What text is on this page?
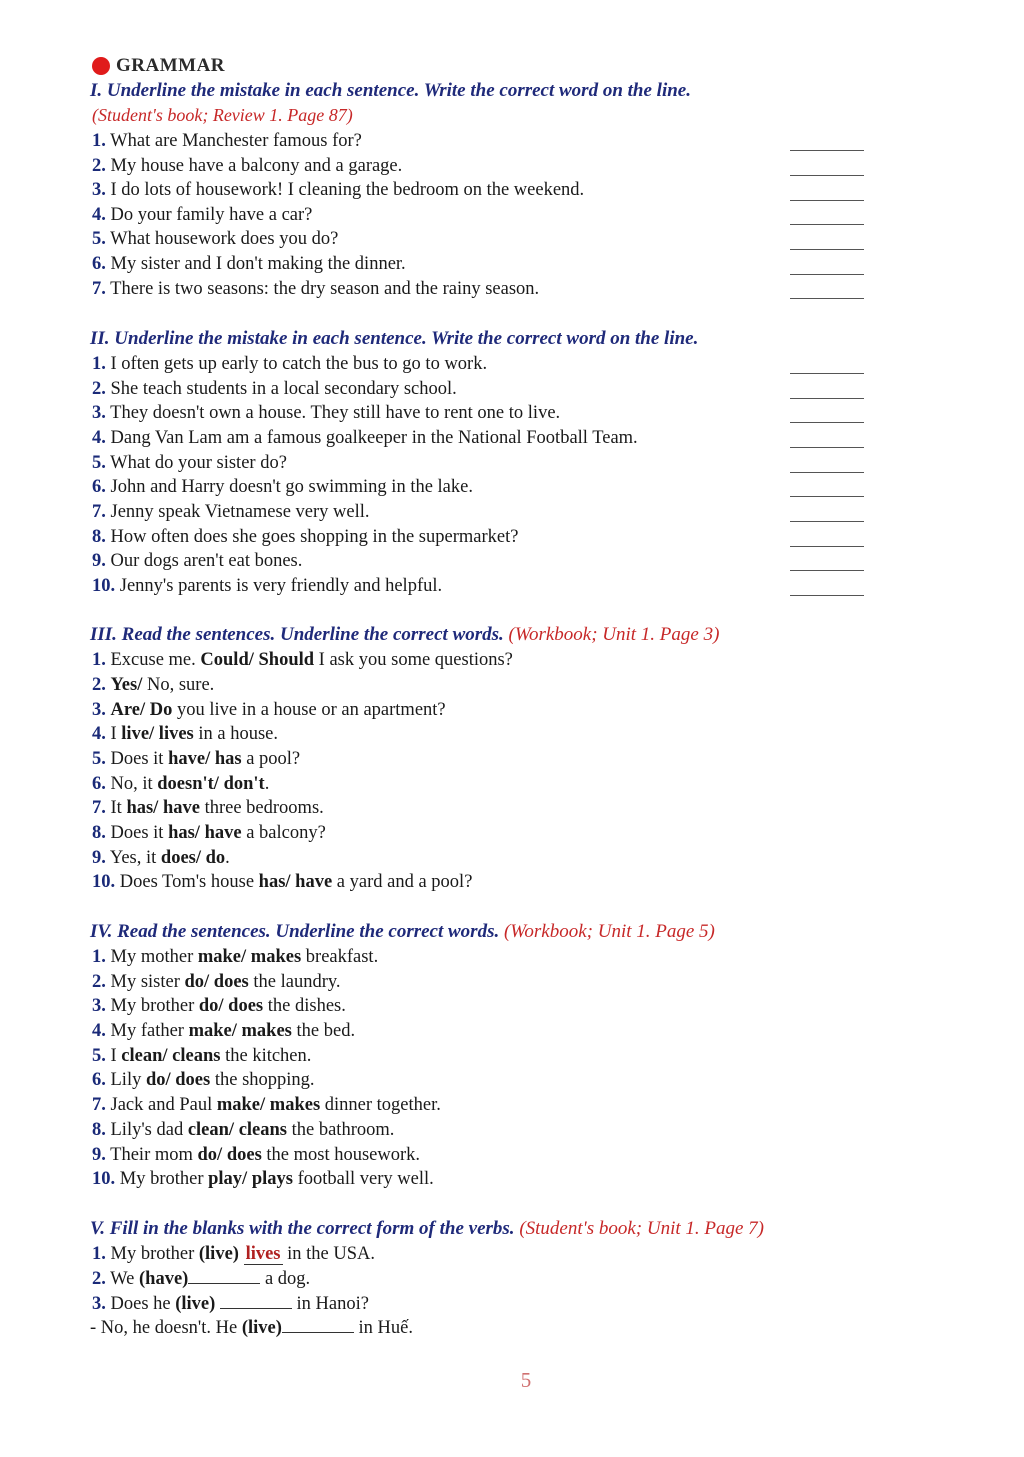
GRAMMAR
I. Underline the mistake in each sentence. Write the correct word on the line.
(Student's book; Review 1. Page 87)
1. What are Manchester famous for?
2. My house have a balcony and a garage.
3. I do lots of housework! I cleaning the bedroom on the weekend.
4. Do your family have a car?
5. What housework does you do?
6. My sister and I don't making the dinner.
7. There is two seasons: the dry season and the rainy season.
II. Underline the mistake in each sentence. Write the correct word on the line.
1. I often gets up early to catch the bus to go to work.
2. She teach students in a local secondary school.
3. They doesn't own a house. They still have to rent one to live.
4. Dang Van Lam am a famous goalkeeper in the National Football Team.
5. What do your sister do?
6. John and Harry doesn't go swimming in the lake.
7. Jenny speak Vietnamese very well.
8. How often does she goes shopping in the supermarket?
9. Our dogs aren't eat bones.
10. Jenny's parents is very friendly and helpful.
III. Read the sentences. Underline the correct words. (Workbook; Unit 1. Page 3)
1. Excuse me. Could/ Should I ask you some questions?
2. Yes/ No, sure.
3. Are/ Do you live in a house or an apartment?
4. I live/ lives in a house.
5. Does it have/ has a pool?
6. No, it doesn't/ don't.
7. It has/ have three bedrooms.
8. Does it has/ have a balcony?
9. Yes, it does/ do.
10. Does Tom's house has/ have a yard and a pool?
IV. Read the sentences. Underline the correct words. (Workbook; Unit 1. Page 5)
1. My mother make/ makes breakfast.
2. My sister do/ does the laundry.
3. My brother do/ does the dishes.
4. My father make/ makes the bed.
5. I clean/ cleans the kitchen.
6. Lily do/ does the shopping.
7. Jack and Paul make/ makes dinner together.
8. Lily's dad clean/ cleans the bathroom.
9. Their mom do/ does the most housework.
10. My brother play/ plays football very well.
V. Fill in the blanks with the correct form of the verbs. (Student's book; Unit 1. Page 7)
1. My brother (live) lives in the USA.
2. We (have)	a dog.
3. Does he (live)	in Hanoi?
- No, he doesn't. He (live)	in Huế.
5
